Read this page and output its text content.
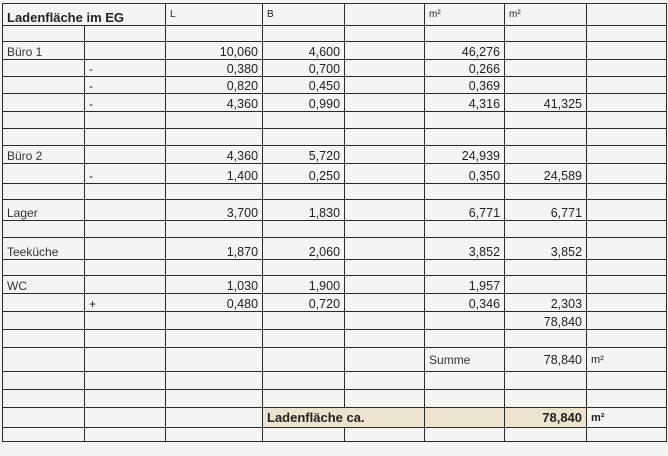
Ladenfläche im EG		L	B		m²	m²	

Büro 1		10,060	4,600		46,276		
	-	0,380	0,700		0,266		
	-	0,820	0,450		0,369		
	-	4,360	0,990		4,316	41,325	

Büro 2		4,360	5,720		24,939		
	-	1,400	0,250		0,350	24,589	

Lager		3,700	1,830		6,771	6,771	

Teeküche		1,870	2,060		3,852	3,852	

WC		1,030	1,900		1,957		
	+	0,480	0,720		0,346	2,303	
						78,840	

					Summe	78,840	m²

			Ladenfläche ca.			78,840	m²
